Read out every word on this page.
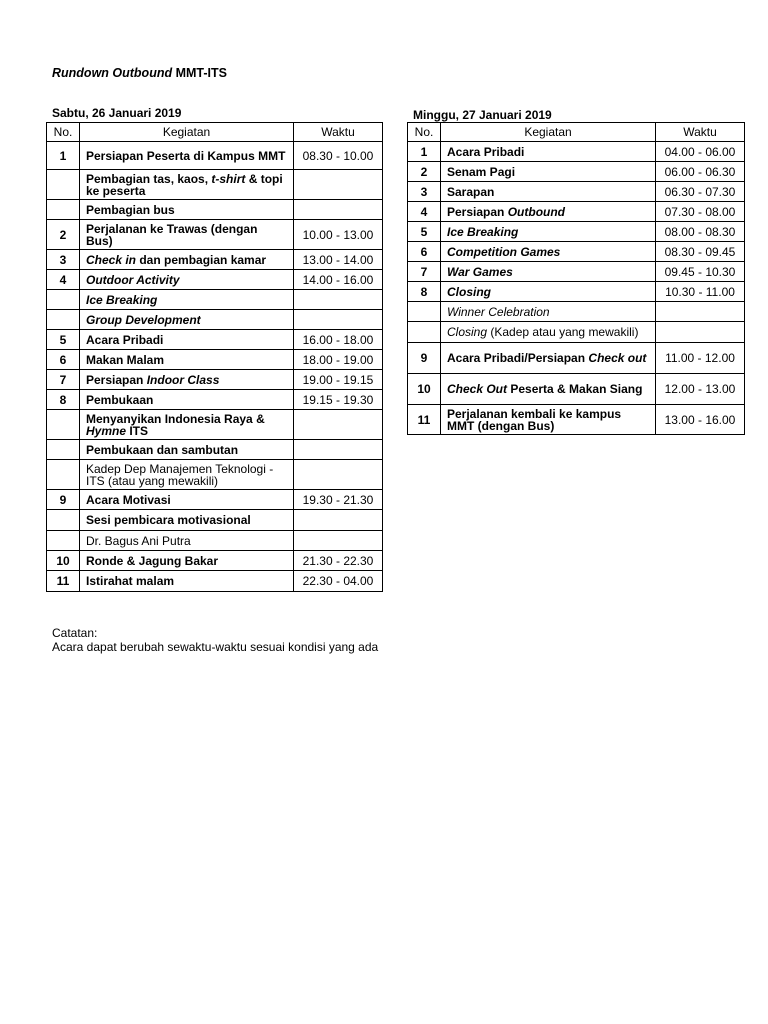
Rundown Outbound MMT-ITS
Sabtu, 26 Januari 2019
No.	Kegiatan	Waktu
1	Persiapan Peserta di Kampus MMT	08.30 - 10.00
	Pembagian tas, kaos, t-shirt & topi ke peserta	
	Pembagian bus	
2	Perjalanan ke Trawas (dengan Bus)	10.00 - 13.00
3	Check in dan pembagian kamar	13.00 - 14.00
4	Outdoor Activity	14.00 - 16.00
	Ice Breaking	
	Group Development	
5	Acara Pribadi	16.00 - 18.00
6	Makan Malam	18.00 - 19.00
7	Persiapan Indoor Class	19.00 - 19.15
8	Pembukaan	19.15 - 19.30
	Menyanyikan Indonesia Raya & Hymne ITS	
	Pembukaan dan sambutan	
	Kadep Dep Manajemen Teknologi - ITS (atau yang mewakili)	
9	Acara Motivasi	19.30 - 21.30
	Sesi pembicara motivasional	
	Dr. Bagus Ani Putra	
10	Ronde & Jagung Bakar	21.30 - 22.30
11	Istirahat malam	22.30 - 04.00
Minggu, 27 Januari 2019
No.	Kegiatan	Waktu
1	Acara Pribadi	04.00 - 06.00
2	Senam Pagi	06.00 - 06.30
3	Sarapan	06.30 - 07.30
4	Persiapan Outbound	07.30 - 08.00
5	Ice Breaking	08.00 - 08.30
6	Competition Games	08.30 - 09.45
7	War Games	09.45 - 10.30
8	Closing	10.30 - 11.00
	Winner Celebration	
	Closing (Kadep atau yang mewakili)	
9	Acara Pribadi/Persiapan Check out	11.00 - 12.00
10	Check Out Peserta & Makan Siang	12.00 - 13.00
11	Perjalanan kembali ke kampus MMT (dengan Bus)	13.00 - 16.00
Catatan:
Acara dapat berubah sewaktu-waktu sesuai kondisi yang ada
